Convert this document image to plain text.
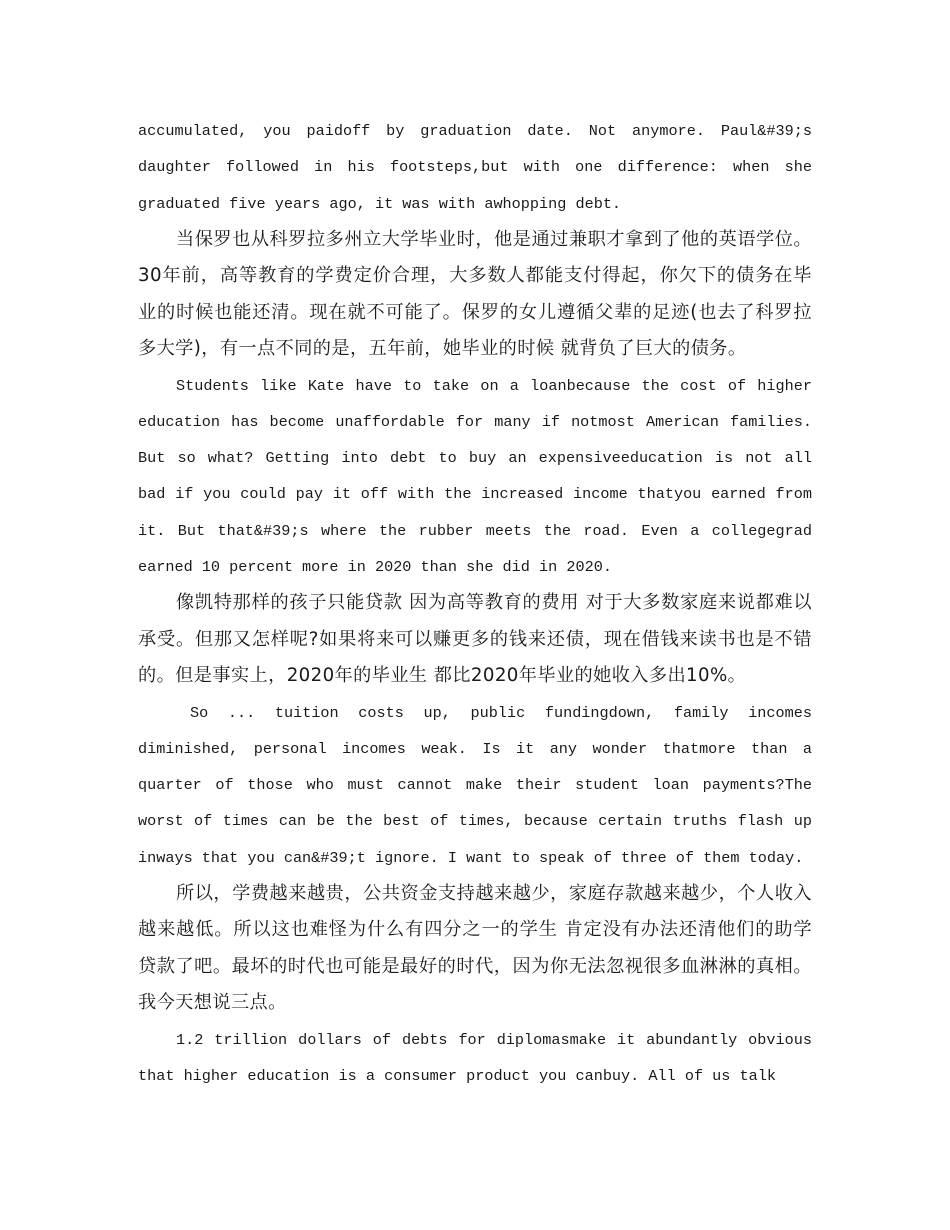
accumulated, you paidoff by graduation date. Not anymore. Paul&#39;s daughter followed in his footsteps,but with one difference: when she graduated five years ago, it was with awhopping debt.

当保罗也从科罗拉多州立大学毕业时，他是通过兼职才拿到了他的英语学位。30年前，高等教育的学费定价合理，大多数人都能支付得起，你欠下的债务在毕业的时候也能还清。现在就不可能了。保罗的女儿遵循父辈的足迹(也去了科罗拉多大学)，有一点不同的是，五年前，她毕业的时候 就背负了巨大的债务。

Students like Kate have to take on a loanbecause the cost of higher education has become unaffordable for many if notmost American families. But so what? Getting into debt to buy an expensiveeducation is not all bad if you could pay it off with the increased income thatyou earned from it. But that&#39;s where the rubber meets the road. Even a collegegrad earned 10 percent more in 2020 than she did in 2020.

像凯特那样的孩子只能贷款 因为高等教育的费用 对于大多数家庭来说都难以承受。但那又怎样呢?如果将来可以赚更多的钱来还债，现在借钱来读书也是不错的。但是事实上，2020年的毕业生 都比2020年毕业的她收入多出10%。

So ... tuition costs up, public fundingdown, family incomes diminished, personal incomes weak. Is it any wonder thatmore than a quarter of those who must cannot make their student loan payments?The worst of times can be the best of times, because certain truths flash up inways that you can&#39;t ignore. I want to speak of three of them today.

所以，学费越来越贵，公共资金支持越来越少，家庭存款越来越少，个人收入越来越低。所以这也难怪为什么有四分之一的学生 肯定没有办法还清他们的助学贷款了吧。最坏的时代也可能是最好的时代，因为你无法忽视很多血淋淋的真相。我今天想说三点。

1.2 trillion dollars of debts for diplomasmake it abundantly obvious that higher education is a consumer product you canbuy. All of us talk
